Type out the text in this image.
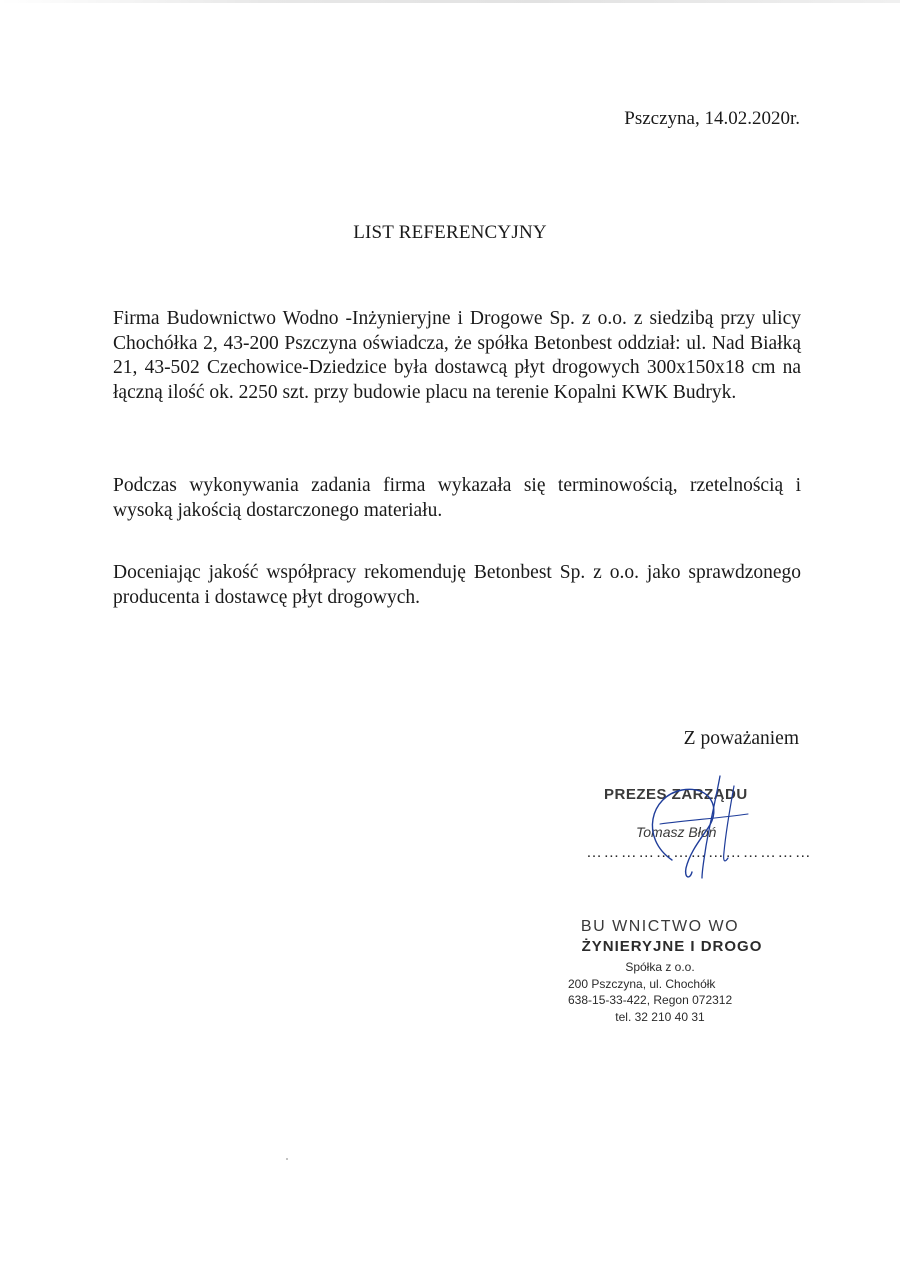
Pszczyna, 14.02.2020r.
LIST REFERENCYJNY

Firma Budownictwo Wodno -Inżynieryjne i Drogowe Sp. z o.o. z siedzibą przy ulicy Chochółka 2, 43-200 Pszczyna oświadcza, że spółka Betonbest oddział: ul. Nad Białką 21, 43-502 Czechowice-Dziedzice była dostawcą płyt drogowych 300x150x18 cm na łączną ilość ok. 2250 szt. przy budowie placu na terenie Kopalni KWK Budryk.

Podczas wykonywania zadania firma wykazała się terminowością, rzetelnością i wysoką jakością dostarczonego materiału.

Doceniając jakość współpracy rekomenduję Betonbest Sp. z o.o. jako sprawdzonego producenta i dostawcę płyt drogowych.

Z poważaniem
PREZES ZARZĄDU
Tomasz Błoń
…………………………………
BU WNICTWO WO
ŻYNIERYJNE I DROGO
Spółka z o.o.
200 Pszczyna, ul. Chochółk
638-15-33-422, Regon 072312
tel. 32 210 40 31
